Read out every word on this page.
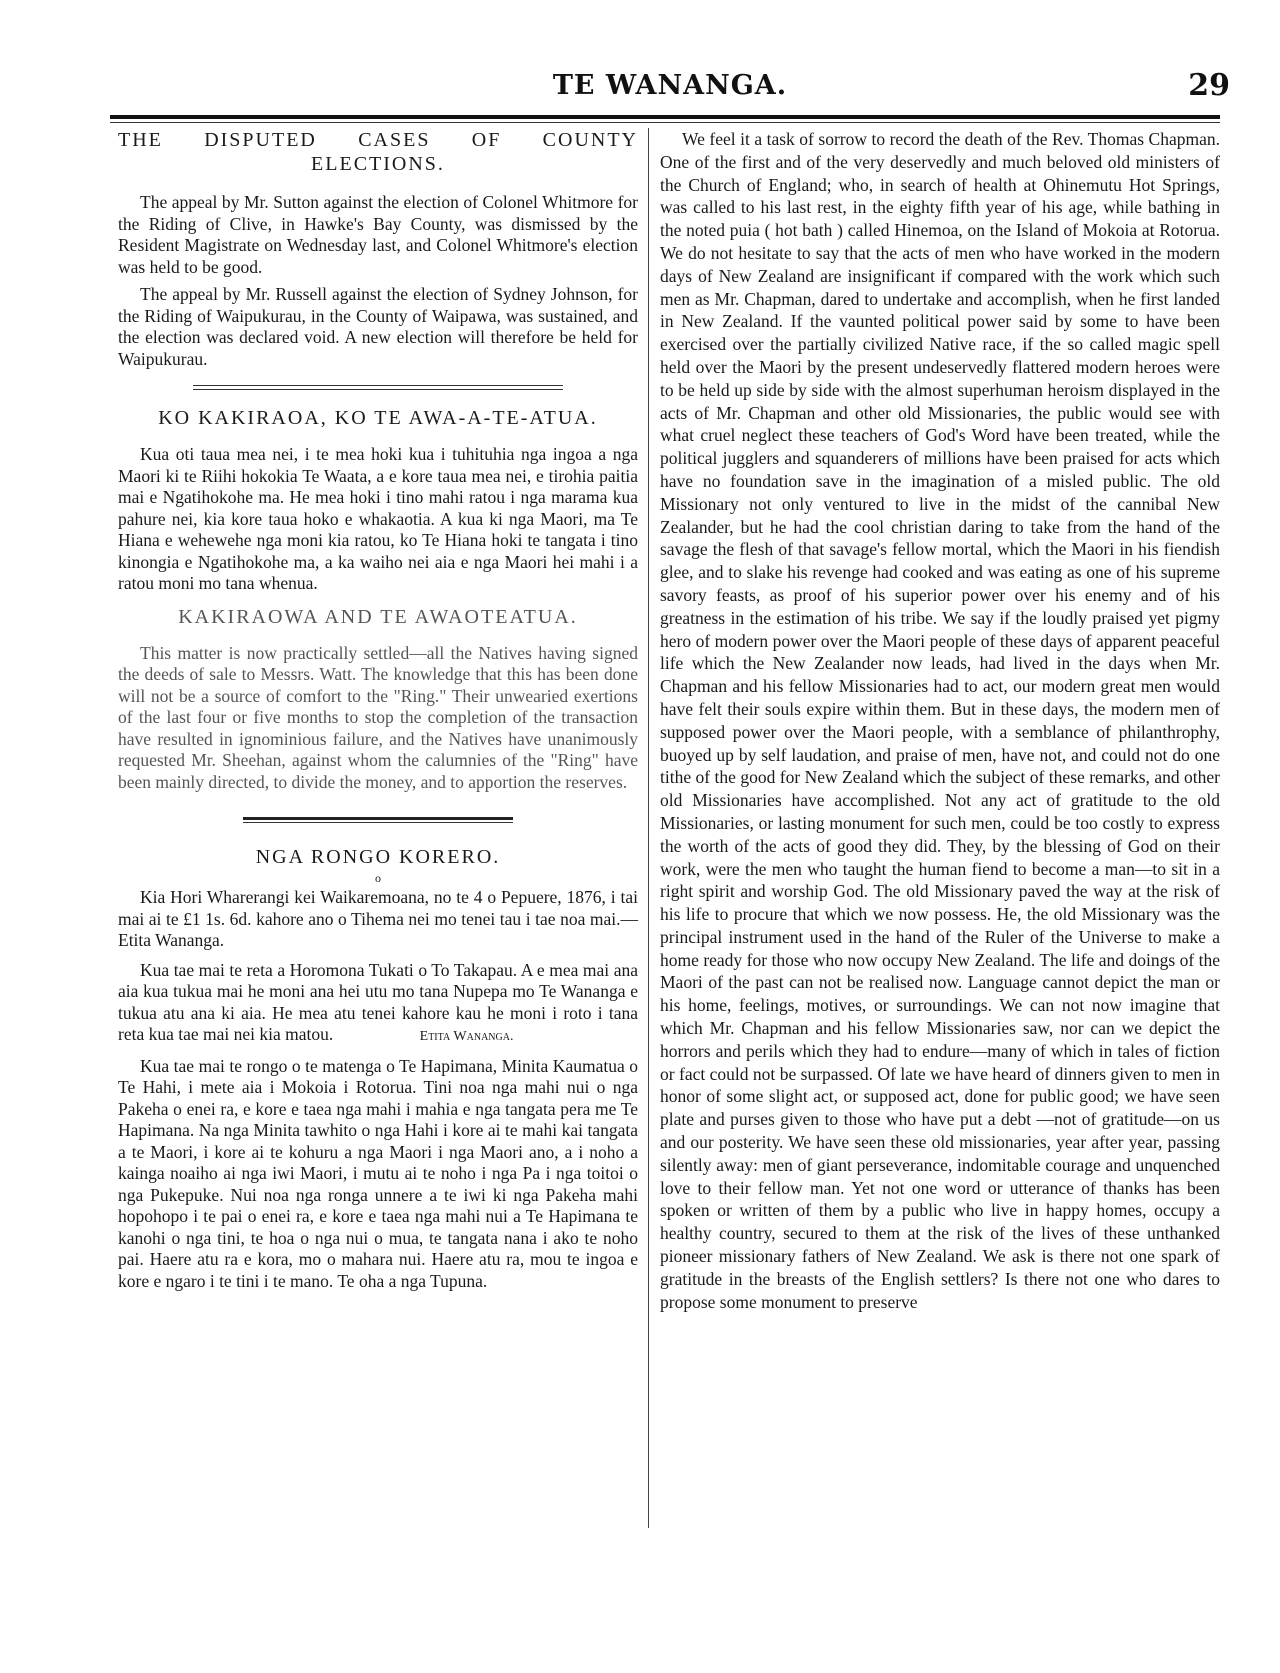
TE WANANGA.	29
THE DISPUTED CASES OF COUNTY ELECTIONS.

The appeal by Mr. Sutton against the election of Colonel Whitmore for the Riding of Clive, in Hawke's Bay County, was dismissed by the Resident Magistrate on Wednesday last, and Colonel Whitmore's election was held to be good.

The appeal by Mr. Russell against the election of Sydney Johnson, for the Riding of Waipukurau, in the County of Waipawa, was sustained, and the election was declared void. A new election will therefore be held for Waipukurau.

KO KAKIRAOA, KO TE AWA-A-TE-ATUA.

Kua oti taua mea nei, i te mea hoki kua i tuhituhia nga ingoa a nga Maori ki te Riihi hokokia Te Waata, a e kore taua mea nei, e tirohia paitia mai e Ngatihokohe ma. He mea hoki i tino mahi ratou i nga marama kua pahure nei, kia kore taua hoko e whakaotia. A kua ki nga Maori, ma Te Hiana e wehewehe nga moni kia ratou, ko Te Hiana hoki te tangata i tino kinongia e Ngatihokohe ma, a ka waiho nei aia e nga Maori hei mahi i a ratou moni mo tana whenua.

KAKIRAOWA AND TE AWAOTEATUA.

This matter is now practically settled—all the Natives having signed the deeds of sale to Messrs. Watt. The knowledge that this has been done will not be a source of comfort to the "Ring." Their unwearied exertions of the last four or five months to stop the completion of the transaction have resulted in ignominious failure, and the Natives have unanimously requested Mr. Sheehan, against whom the calumnies of the "Ring" have been mainly directed, to divide the money, and to apportion the reserves.

NGA RONGO KORERO.
o

Kia Hori Wharerangi kei Waikaremoana, no te 4 o Pepuere, 1876, i tai mai ai te £1 1s. 6d. kahore ano o Tihema nei mo tenei tau i tae noa mai.—Etita Wananga.

Kua tae mai te reta a Horomona Tukati o To Takapau. A e mea mai ana aia kua tukua mai he moni ana hei utu mo tana Nupepa mo Te Wananga e tukua atu ana ki aia. He mea atu tenei kahore kau he moni i roto i tana reta kua tae mai nei kia matou.	Etita Wananga.

Kua tae mai te rongo o te matenga o Te Hapimana, Minita Kaumatua o Te Hahi, i mete aia i Mokoia i Rotorua. Tini noa nga mahi nui o nga Pakeha o enei ra, e kore e taea nga mahi i mahia e nga tangata pera me Te Hapimana. Na nga Minita tawhito o nga Hahi i kore ai te mahi kai tangata a te Maori, i kore ai te kohuru a nga Maori i nga Maori ano, a i noho a kainga noaiho ai nga iwi Maori, i mutu ai te noho i nga Pa i nga toitoi o nga Pukepuke. Nui noa nga ronga unnere a te iwi ki nga Pakeha mahi hopohopo i te pai o enei ra, e kore e taea nga mahi nui a Te Hapimana te kanohi o nga tini, te hoa o nga nui o mua, te tangata nana i ako te noho pai. Haere atu ra e kora, mo o mahara nui. Haere atu ra, mou te ingoa e kore e ngaro i te tini i te mano. Te oha a nga Tupuna.

We feel it a task of sorrow to record the death of the Rev. Thomas Chapman. One of the first and of the very deservedly and much beloved old ministers of the Church of England; who, in search of health at Ohinemutu Hot Springs, was called to his last rest, in the eighty fifth year of his age, while bathing in the noted puia ( hot bath ) called Hinemoa, on the Island of Mokoia at Rotorua. We do not hesitate to say that the acts of men who have worked in the modern days of New Zealand are insignificant if compared with the work which such men as Mr. Chapman, dared to undertake and accomplish, when he first landed in New Zealand. If the vaunted political power said by some to have been exercised over the partially civilized Native race, if the so called magic spell held over the Maori by the present undeservedly flattered modern heroes were to be held up side by side with the almost superhuman heroism displayed in the acts of Mr. Chapman and other old Missionaries, the public would see with what cruel neglect these teachers of God's Word have been treated, while the political jugglers and squanderers of millions have been praised for acts which have no foundation save in the imagination of a misled public. The old Missionary not only ventured to live in the midst of the cannibal New Zealander, but he had the cool christian daring to take from the hand of the savage the flesh of that savage's fellow mortal, which the Maori in his fiendish glee, and to slake his revenge had cooked and was eating as one of his supreme savory feasts, as proof of his superior power over his enemy and of his greatness in the estimation of his tribe. We say if the loudly praised yet pigmy hero of modern power over the Maori people of these days of apparent peaceful life which the New Zealander now leads, had lived in the days when Mr. Chapman and his fellow Missionaries had to act, our modern great men would have felt their souls expire within them. But in these days, the modern men of supposed power over the Maori people, with a semblance of philanthrophy, buoyed up by self laudation, and praise of men, have not, and could not do one tithe of the good for New Zealand which the subject of these remarks, and other old Missionaries have accomplished. Not any act of gratitude to the old Missionaries, or lasting monument for such men, could be too costly to express the worth of the acts of good they did. They, by the blessing of God on their work, were the men who taught the human fiend to become a man—to sit in a right spirit and worship God. The old Missionary paved the way at the risk of his life to procure that which we now possess. He, the old Missionary was the principal instrument used in the hand of the Ruler of the Universe to make a home ready for those who now occupy New Zealand. The life and doings of the Maori of the past can not be realised now. Language cannot depict the man or his home, feelings, motives, or surroundings. We can not now imagine that which Mr. Chapman and his fellow Missionaries saw, nor can we depict the horrors and perils which they had to endure—many of which in tales of fiction or fact could not be surpassed. Of late we have heard of dinners given to men in honor of some slight act, or supposed act, done for public good; we have seen plate and purses given to those who have put a debt —not of gratitude—on us and our posterity. We have seen these old missionaries, year after year, passing silently away: men of giant perseverance, indomitable courage and unquenched love to their fellow man. Yet not one word or utterance of thanks has been spoken or written of them by a public who live in happy homes, occupy a healthy country, secured to them at the risk of the lives of these unthanked pioneer missionary fathers of New Zealand. We ask is there not one spark of gratitude in the breasts of the English settlers? Is there not one who dares to propose some monument to preserve
